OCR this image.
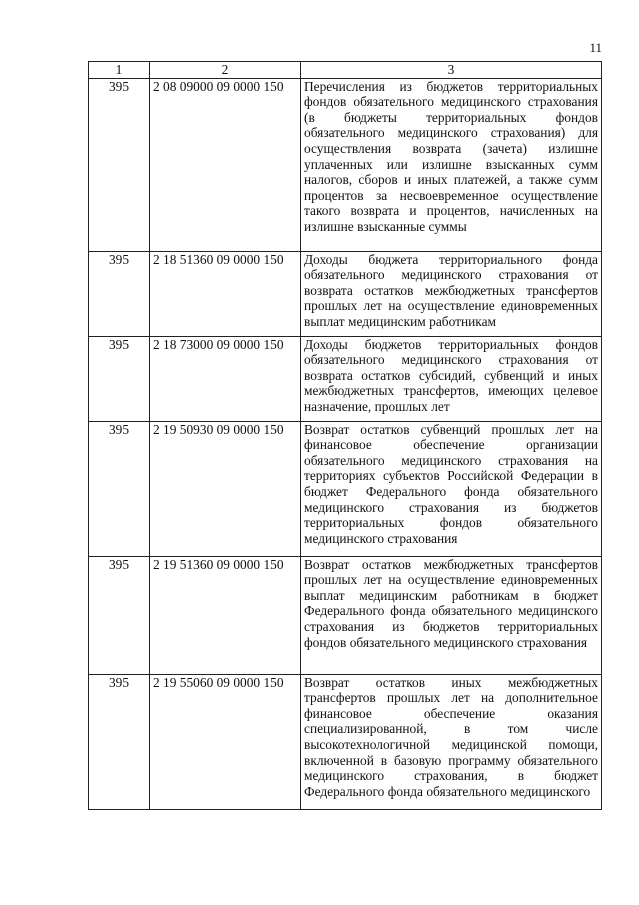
11
1	2	3
395	2 08 09000 09 0000 150	Перечисления из бюджетов территориальных фондов обязательного медицинского страхования (в бюджеты территориальных фондов обязательного медицинского страхования) для осуществления возврата (зачета) излишне уплаченных или излишне взысканных сумм налогов, сборов и иных платежей, а также сумм процентов за несвоевременное осуществление такого возврата и процентов, начисленных на излишне взысканные суммы
395	2 18 51360 09 0000 150	Доходы бюджета территориального фонда обязательного медицинского страхования от возврата остатков межбюджетных трансфертов прошлых лет на осуществление единовременных выплат медицинским работникам
395	2 18 73000 09 0000 150	Доходы бюджетов территориальных фондов обязательного медицинского страхования от возврата остатков субсидий, субвенций и иных межбюджетных трансфертов, имеющих целевое назначение, прошлых лет
395	2 19 50930 09 0000 150	Возврат остатков субвенций прошлых лет на финансовое обеспечение организации обязательного медицинского страхования на территориях субъектов Российской Федерации в бюджет Федерального фонда обязательного медицинского страхования из бюджетов территориальных фондов обязательного медицинского страхования
395	2 19 51360 09 0000 150	Возврат остатков межбюджетных трансфертов прошлых лет на осуществление единовременных выплат медицинским работникам в бюджет Федерального фонда обязательного медицинского страхования из бюджетов территориальных фондов обязательного медицинского страхования
395	2 19 55060 09 0000 150	Возврат остатков иных межбюджетных трансфертов прошлых лет на дополнительное финансовое обеспечение оказания специализированной, в том числе высокотехнологичной медицинской помощи, включенной в базовую программу обязательного медицинского страхования, в бюджет Федерального фонда обязательного медицинского
